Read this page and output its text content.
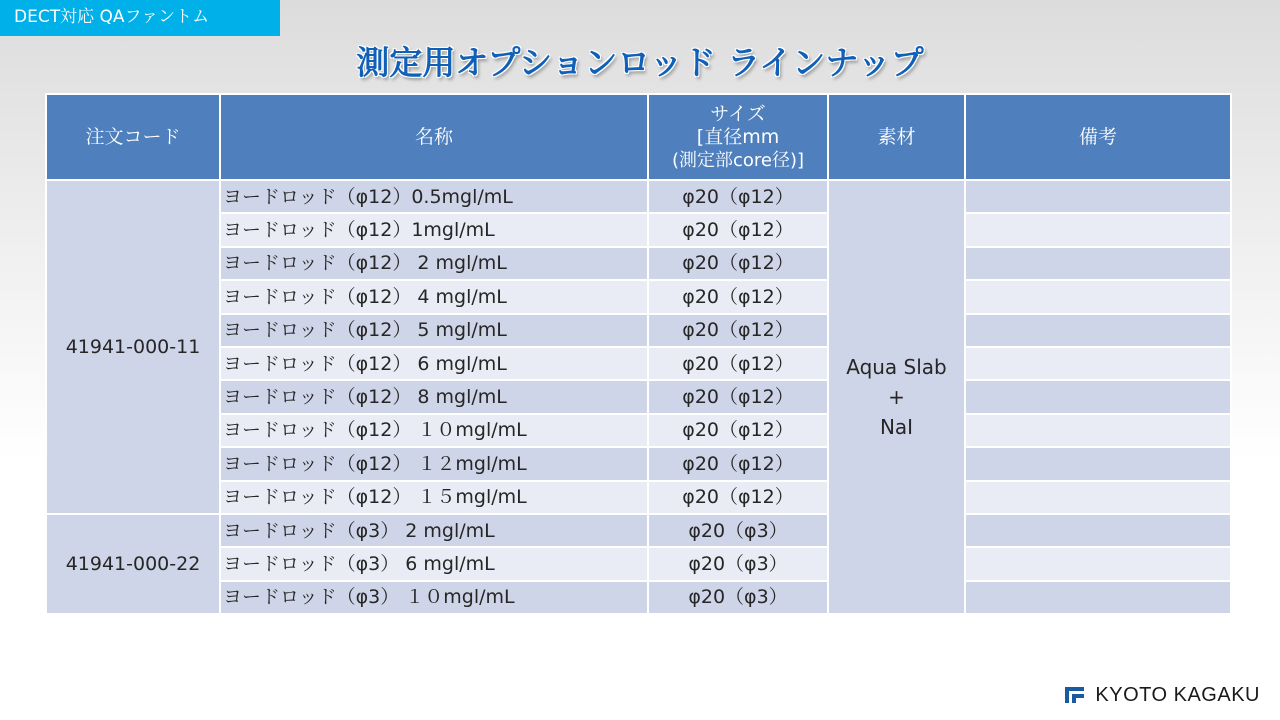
DECT対応 QAファントム
測定用オプションロッド ラインナップ
注文コード	名称	サイズ
[直径mm
(測定部core径)]	素材	備考
41941-000-11	ヨードロッド（φ12）0.5mgl/mL	φ20（φ12）	Aqua Slab
+
NaI	

	ヨードロッド（φ12）1mgl/mL	φ20（φ12）		
	ヨードロッド（φ12） 2 mgl/mL	φ20（φ12）		
	ヨードロッド（φ12） 4 mgl/mL	φ20（φ12）		
	ヨードロッド（φ12） 5 mgl/mL	φ20（φ12）		
	ヨードロッド（φ12） 6 mgl/mL	φ20（φ12）		
	ヨードロッド（φ12） 8 mgl/mL	φ20（φ12）		
	ヨードロッド（φ12） １０mgl/mL	φ20（φ12）		
	ヨードロッド（φ12） １２mgl/mL	φ20（φ12）		
	ヨードロッド（φ12） １５mgl/mL	φ20（φ12）		
41941-000-22	ヨードロッド（φ3） 2 mgl/mL	φ20（φ3）		
	ヨードロッド（φ3） 6 mgl/mL	φ20（φ3）		
	ヨードロッド（φ3） １０mgl/mL	φ20（φ3）		
KYOTO KAGAKU
